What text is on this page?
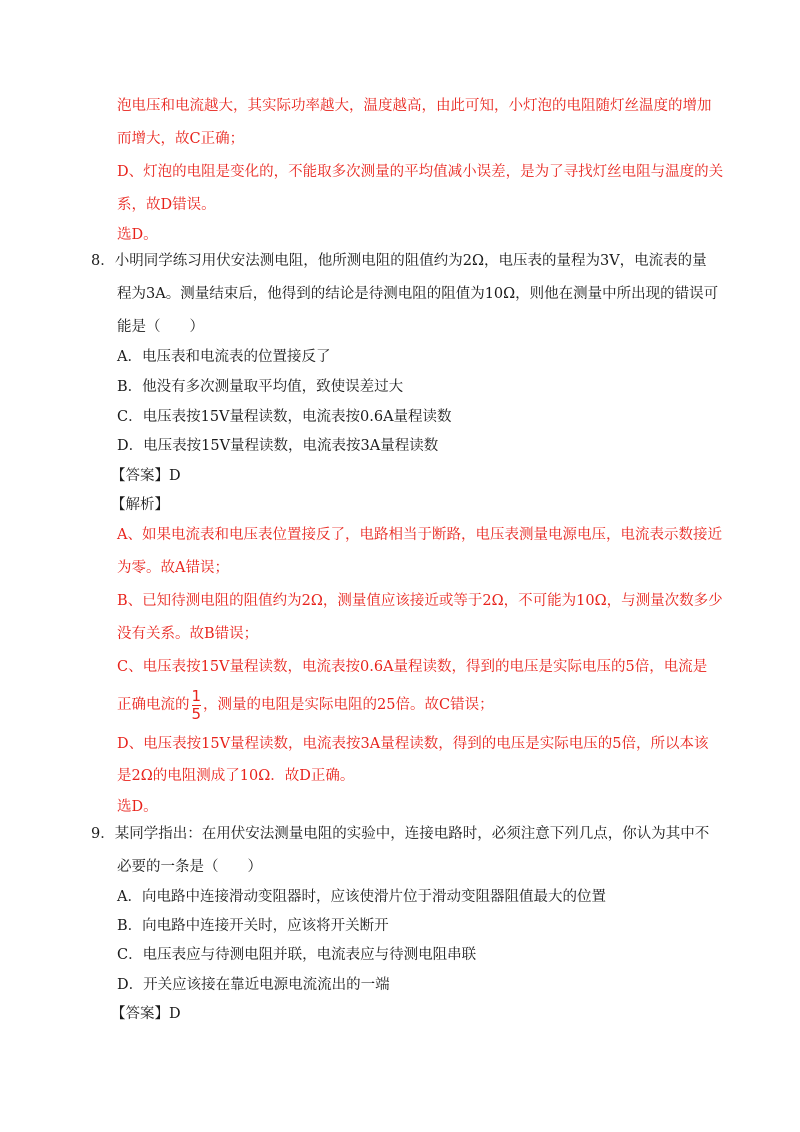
泡电压和电流越大，其实际功率越大，温度越高，由此可知，小灯泡的电阻随灯丝温度的增加
而增大，故C正确；
D、灯泡的电阻是变化的，不能取多次测量的平均值减小误差，是为了寻找灯丝电阻与温度的关
系，故D错误。
选D。
8．小明同学练习用伏安法测电阻，他所测电阻的阻值约为2Ω，电压表的量程为3V，电流表的量
程为3A。测量结束后，他得到的结论是待测电阻的阻值为10Ω，则他在测量中所出现的错误可
能是（　　）
A．电压表和电流表的位置接反了
B．他没有多次测量取平均值，致使误差过大
C．电压表按15V量程读数，电流表按0.6A量程读数
D．电压表按15V量程读数，电流表按3A量程读数
【答案】D
【解析】
A、如果电流表和电压表位置接反了，电路相当于断路，电压表测量电源电压，电流表示数接近
为零。故A错误；
B、已知待测电阻的阻值约为2Ω，测量值应该接近或等于2Ω，不可能为10Ω，与测量次数多少
没有关系。故B错误；
C、电压表按15V量程读数，电流表按0.6A量程读数，得到的电压是实际电压的5倍，电流是
正确电流的 $\frac{1}{5}$ ，测量的电阻是实际电阻的25倍。故C错误；
D、电压表按15V量程读数，电流表按3A量程读数，得到的电压是实际电压的5倍，所以本该
是2Ω的电阻测成了10Ω．故D正确。
选D。
9．某同学指出：在用伏安法测量电阻的实验中，连接电路时，必须注意下列几点，你认为其中不
必要的一条是（　　）
A．向电路中连接滑动变阻器时，应该使滑片位于滑动变阻器阻值最大的位置
B．向电路中连接开关时，应该将开关断开
C．电压表应与待测电阻并联，电流表应与待测电阻串联
D．开关应该接在靠近电源电流流出的一端
【答案】D
